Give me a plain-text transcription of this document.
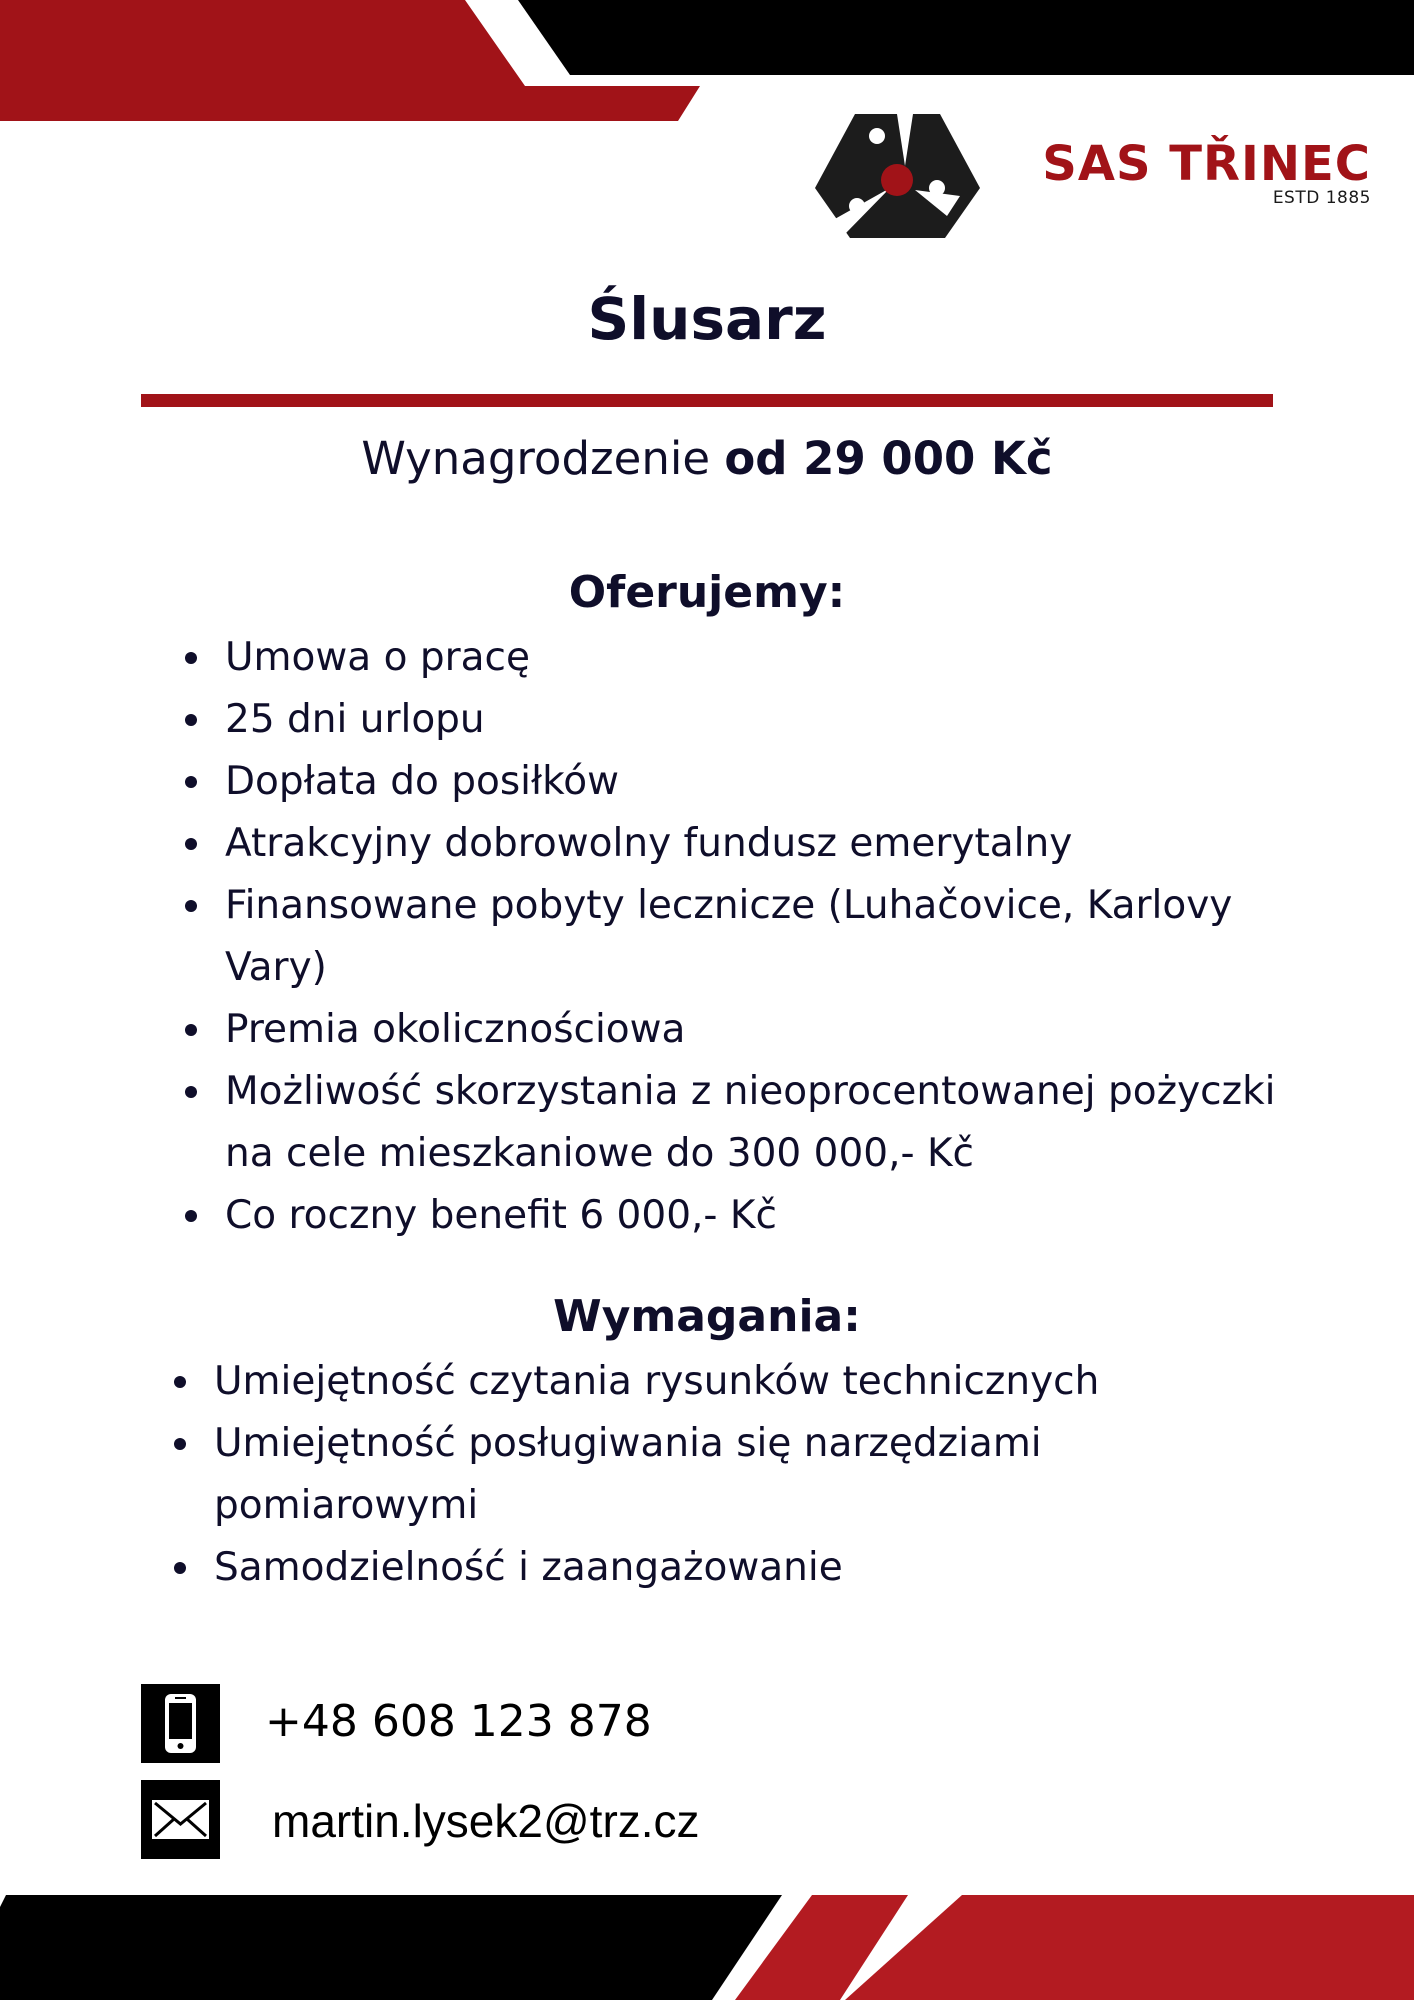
SAS TŘINEC
ESTD 1885
Ślusarz
Wynagrodzenie od 29 000 Kč
Oferujemy:
Umowa o pracę
25 dni urlopu
Dopłata do posiłków
Atrakcyjny dobrowolny fundusz emerytalny
Finansowane pobyty lecznicze (Luhačovice, Karlovy Vary)
Premia okolicznościowa
Możliwość skorzystania z nieoprocentowanej pożyczki na cele mieszkaniowe do 300 000,- Kč
Co roczny benefit 6 000,- Kč
Wymagania:
Umiejętność czytania rysunków technicznych
Umiejętność posługiwania się narzędziami pomiarowymi
Samodzielność i zaangażowanie
+48 608 123 878
martin.lysek2@trz.cz
